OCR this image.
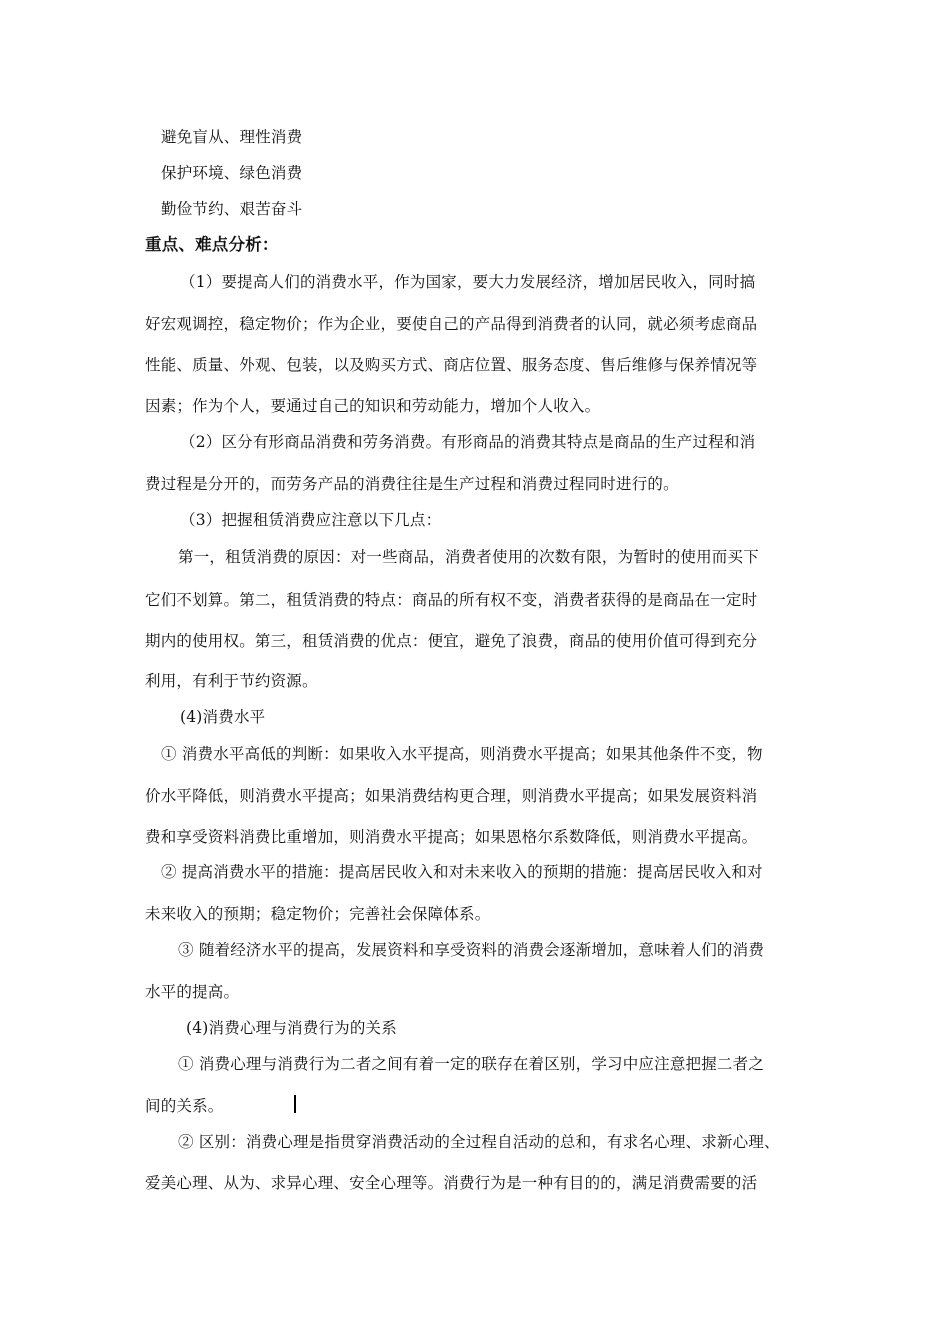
避免盲从、理性消费
保护环境、绿色消费
勤俭节约、艰苦奋斗
重点、难点分析：
（1）要提高人们的消费水平，作为国家，要大力发展经济，增加居民收入，同时搞
好宏观调控，稳定物价；作为企业，要使自己的产品得到消费者的认同，就必须考虑商品
性能、质量、外观、包装，以及购买方式、商店位置、服务态度、售后维修与保养情况等
因素；作为个人，要通过自己的知识和劳动能力，增加个人收入。
（2）区分有形商品消费和劳务消费。有形商品的消费其特点是商品的生产过程和消
费过程是分开的，而劳务产品的消费往往是生产过程和消费过程同时进行的。
（3）把握租赁消费应注意以下几点：
第一，租赁消费的原因：对一些商品，消费者使用的次数有限，为暂时的使用而买下
它们不划算。第二，租赁消费的特点：商品的所有权不变，消费者获得的是商品在一定时
期内的使用权。第三，租赁消费的优点：便宜，避免了浪费，商品的使用价值可得到充分
利用，有利于节约资源。
(4)消费水平
① 消费水平高低的判断：如果收入水平提高，则消费水平提高；如果其他条件不变，物
价水平降低，则消费水平提高；如果消费结构更合理，则消费水平提高；如果发展资料消
费和享受资料消费比重增加，则消费水平提高；如果恩格尔系数降低，则消费水平提高。
② 提高消费水平的措施：提高居民收入和对未来收入的预期的措施：提高居民收入和对
未来收入的预期；稳定物价；完善社会保障体系。
③ 随着经济水平的提高，发展资料和享受资料的消费会逐渐增加，意味着人们的消费
水平的提高。
(4)消费心理与消费行为的关系
① 消费心理与消费行为二者之间有着一定的联存在着区别，学习中应注意把握二者之
间的关系。
② 区别：消费心理是指贯穿消费活动的全过程自活动的总和，有求名心理、求新心理、
爱美心理、从为、求异心理、安全心理等。消费行为是一种有目的的，满足消费需要的活
